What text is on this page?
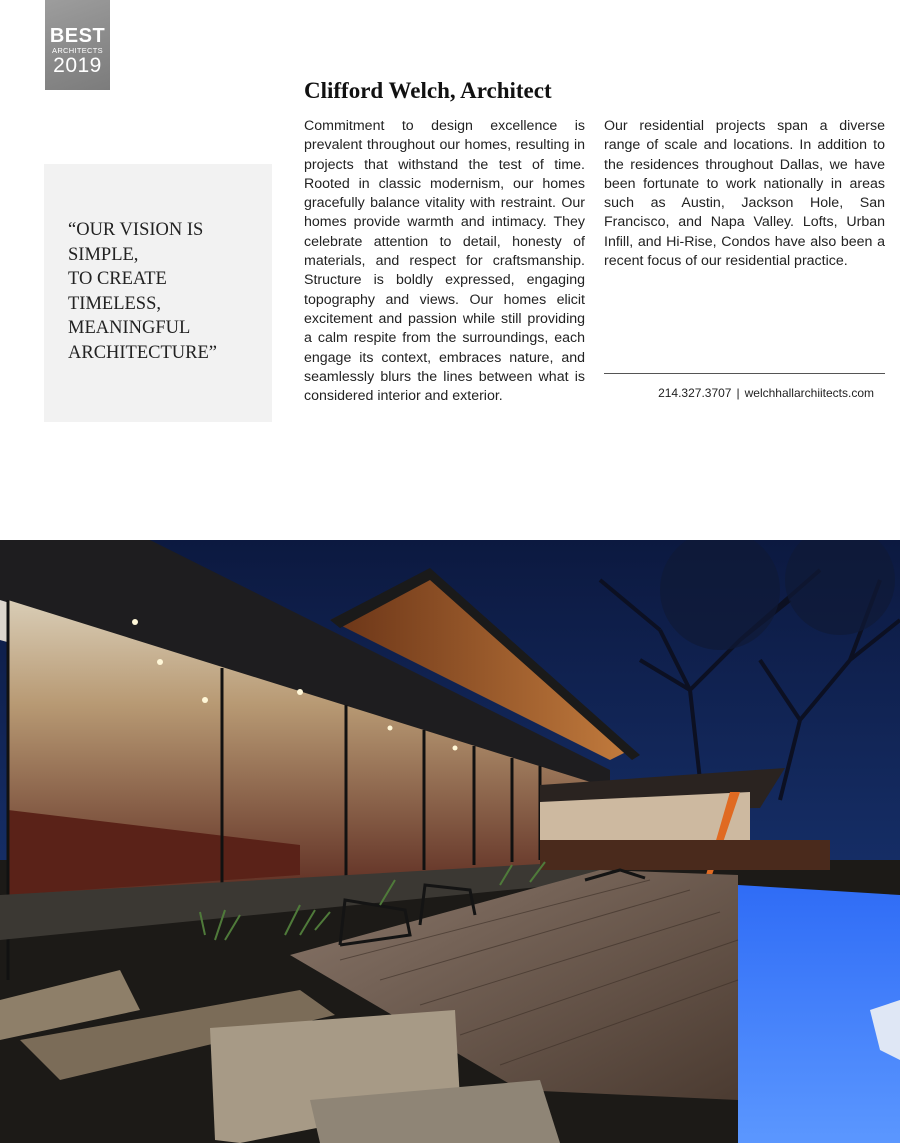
BEST
ARCHITECTS
2019

“OUR VISION IS
SIMPLE,
TO CREATE
TIMELESS,
MEANINGFUL
ARCHITECTURE”

Clifford Welch, Architect

Commitment to design excellence is prevalent throughout our homes, resulting in projects that withstand the test of time. Rooted in classic modernism, our homes gracefully balance vitality with restraint. Our homes provide warmth and intimacy. They celebrate attention to detail, honesty of materials, and respect for craftsmanship. Structure is boldly expressed, engaging topography and views. Our homes elicit excitement and passion while still providing a calm respite from the surroundings, each engage its context, embraces nature, and seamlessly blurs the lines between what is considered interior and exterior.

Our residential projects span a diverse range of scale and locations. In addition to the residences throughout Dallas, we have been fortunate to work nationally in areas such as Austin, Jackson Hole, San Francisco, and Napa Valley. Lofts, Urban Infill, and Hi-Rise, Condos have also been a recent focus of our residential practice.

214.327.3707 | welchhallarchiitects.com
